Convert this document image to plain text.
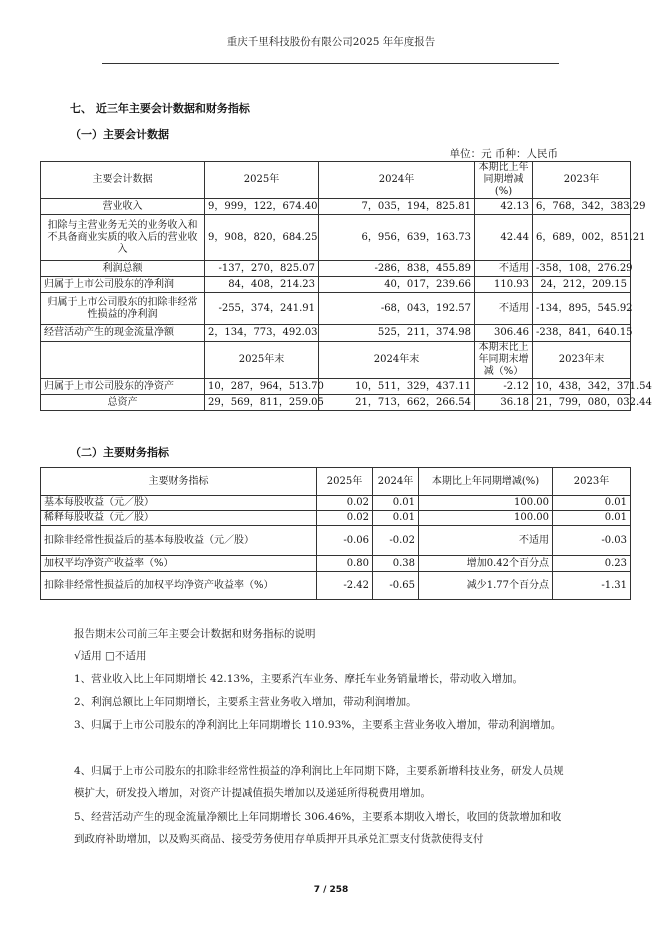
重庆千里科技股份有限公司2025 年年度报告
七、 近三年主要会计数据和财务指标
（一）主要会计数据
单位：元 币种：人民币
主要会计数据	2025年	2024年	本期比上年同期增减(%)	2023年
营业收入	9，999，122，674.40	7，035，194，825.81	42.13	6，768，342，383.29
扣除与主营业务无关的业务收入和不具备商业实质的收入后的营业收入	9，908，820，684.25	6，956，639，163.73	42.44	6，689，002，851.21
利润总额	-137，270，825.07	-286，838，455.89	不适用	-358，108，276.29
归属于上市公司股东的净利润	84，408，214.23	40，017，239.66	110.93	24，212，209.15
归属于上市公司股东的扣除非经常性损益的净利润	-255，374，241.91	-68，043，192.57	不适用	-134，895，545.92
经营活动产生的现金流量净额	2，134，773，492.03	525，211，374.98	306.46	-238，841，640.15
	2025年末	2024年末	本期末比上年同期末增减（%）	2023年末
归属于上市公司股东的净资产	10，287，964，513.70	10，511，329，437.11	-2.12	10，438，342，371.54
总资产	29，569，811，259.05	21，713，662，266.54	36.18	21，799，080，032.44
（二）主要财务指标
主要财务指标	2025年	2024年	本期比上年同期增减(%)	2023年
基本每股收益（元／股）	0.02	0.01	100.00	0.01
稀释每股收益（元／股）	0.02	0.01	100.00	0.01
扣除非经常性损益后的基本每股收益（元／股）	-0.06	-0.02	不适用	-0.03
加权平均净资产收益率（%）	0.80	0.38	增加0.42个百分点	0.23
扣除非经常性损益后的加权平均净资产收益率（%）	-2.42	-0.65	减少1.77个百分点	-1.31
报告期末公司前三年主要会计数据和财务指标的说明
√适用 □不适用
1、营业收入比上年同期增长 42.13%，主要系汽车业务、摩托车业务销量增长，带动收入增加。
2、利润总额比上年同期增长，主要系主营业务收入增加，带动利润增加。
3、归属于上市公司股东的净利润比上年同期增长 110.93%，主要系主营业务收入增加，带动利润增加。
4、归属于上市公司股东的扣除非经常性损益的净利润比上年同期下降，主要系新增科技业务，研发人员规模扩大，研发投入增加，对资产计提减值损失增加以及递延所得税费用增加。
5、经营活动产生的现金流量净额比上年同期增长 306.46%，主要系本期收入增长，收回的货款增加和收到政府补助增加，以及购买商品、接受劳务使用存单质押开具承兑汇票支付货款使得支付
7 / 258
